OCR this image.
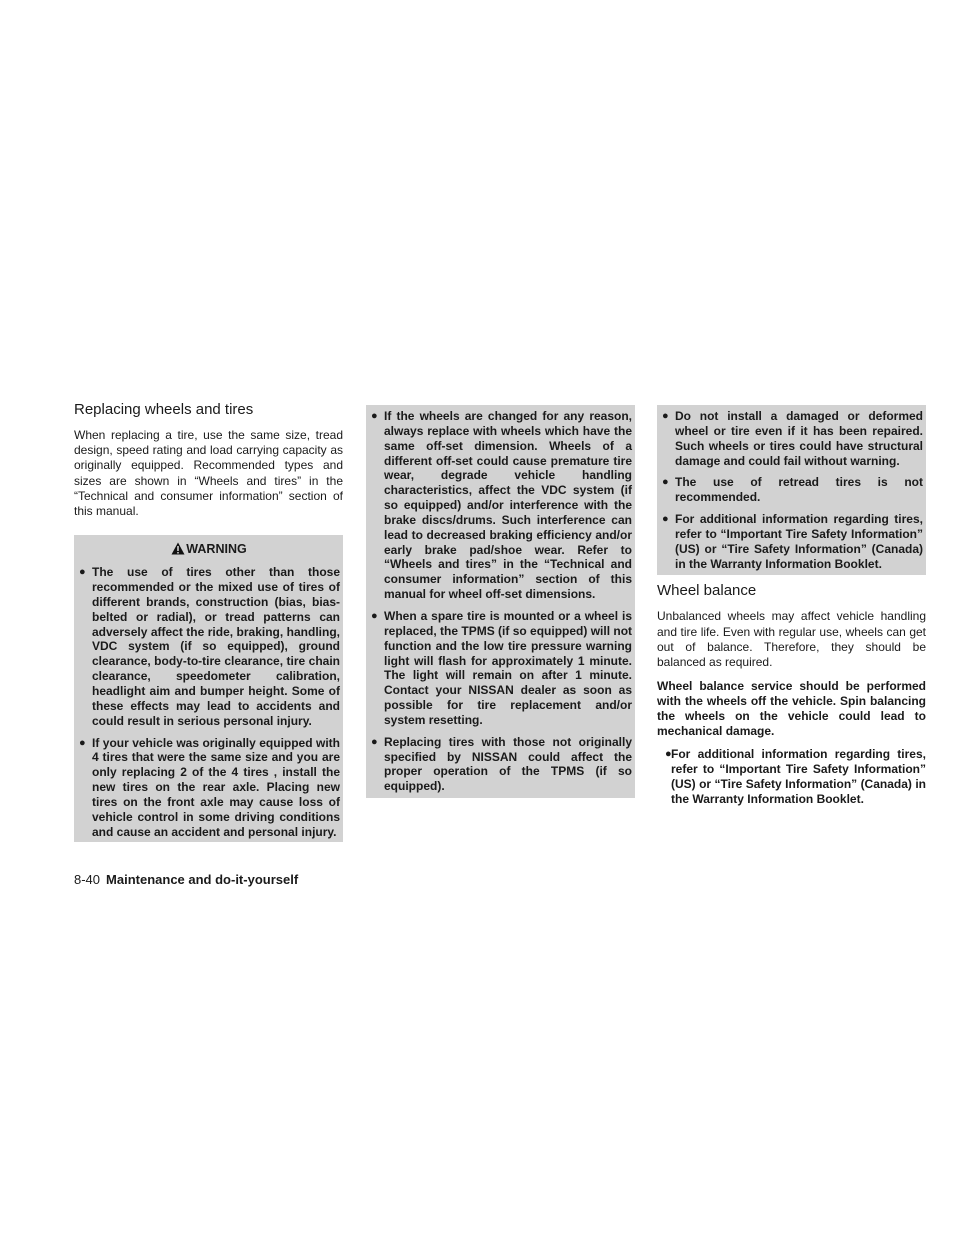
Replacing wheels and tires

When replacing a tire, use the same size, tread design, speed rating and load carrying capacity as originally equipped. Recommended types and sizes are shown in “Wheels and tires” in the “Technical and consumer information” section of this manual.

WARNING
● The use of tires other than those recommended or the mixed use of tires of different brands, construction (bias, bias-belted or radial), or tread patterns can adversely affect the ride, braking, handling, VDC system (if so equipped), ground clearance, body-to-tire clearance, tire chain clearance, speedometer calibration, headlight aim and bumper height. Some of these effects may lead to accidents and could result in serious personal injury.
● If your vehicle was originally equipped with 4 tires that were the same size and you are only replacing 2 of the 4 tires , install the new tires on the rear axle. Placing new tires on the front axle may cause loss of vehicle control in some driving conditions and cause an accident and personal injury.
● If the wheels are changed for any reason, always replace with wheels which have the same off-set dimension. Wheels of a different off-set could cause premature tire wear, degrade vehicle handling characteristics, affect the VDC system (if so equipped) and/or interference with the brake discs/drums. Such interference can lead to decreased braking efficiency and/or early brake pad/shoe wear. Refer to “Wheels and tires” in the “Technical and consumer information” section of this manual for wheel off-set dimensions.
● When a spare tire is mounted or a wheel is replaced, the TPMS (if so equipped) will not function and the low tire pressure warning light will flash for approximately 1 minute. The light will remain on after 1 minute. Contact your NISSAN dealer as soon as possible for tire replacement and/or system resetting.
● Replacing tires with those not originally specified by NISSAN could affect the proper operation of the TPMS (if so equipped).
● Do not install a damaged or deformed wheel or tire even if it has been repaired. Such wheels or tires could have structural damage and could fail without warning.
● The use of retread tires is not recommended.
● For additional information regarding tires, refer to “Important Tire Safety Information” (US) or “Tire Safety Information” (Canada) in the Warranty Information Booklet.
Wheel balance

Unbalanced wheels may affect vehicle handling and tire life. Even with regular use, wheels can get out of balance. Therefore, they should be balanced as required.

Wheel balance service should be performed with the wheels off the vehicle. Spin balancing the wheels on the vehicle could lead to mechanical damage.

● For additional information regarding tires, refer to “Important Tire Safety Information” (US) or “Tire Safety Information” (Canada) in the Warranty Information Booklet.
8-40 Maintenance and do-it-yourself
